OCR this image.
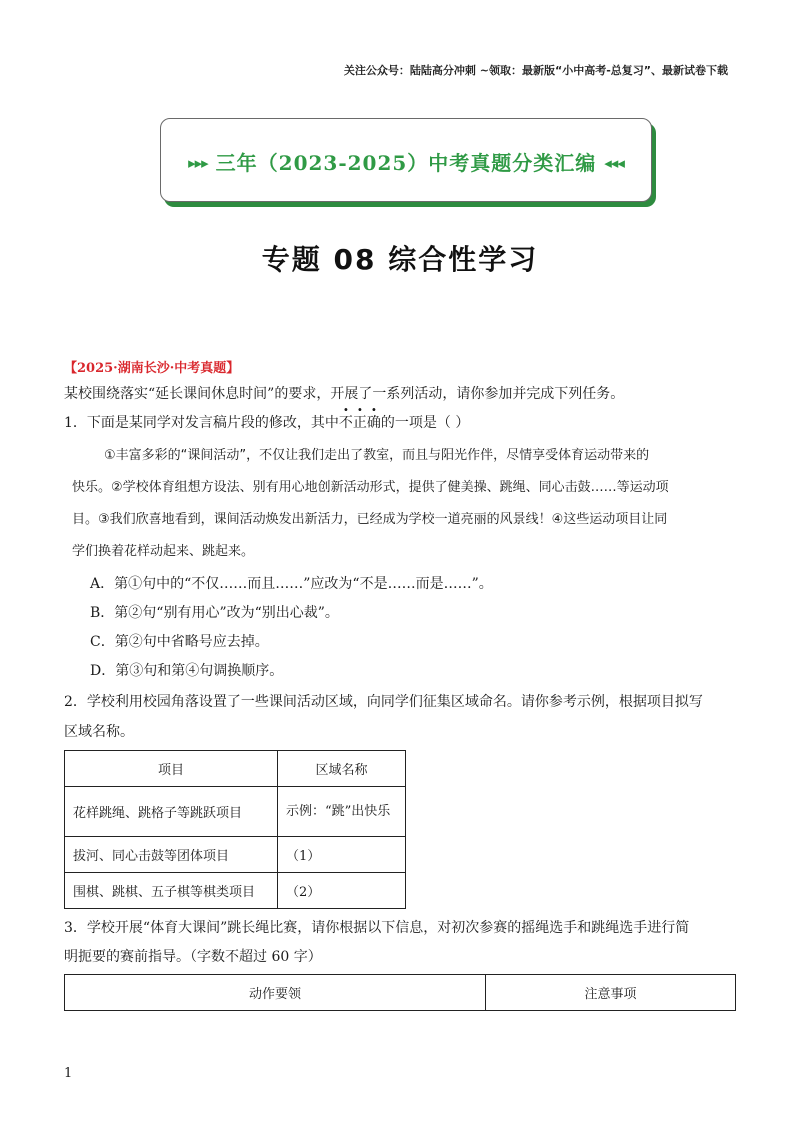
关注公众号：陆陆高分冲刺 ~领取：最新版“小中高考-总复习”、最新试卷下载
▸▸▸ 三年（2023-2025）中考真题分类汇编 ◂◂◂
专题 08 综合性学习
【2025·湖南长沙·中考真题】
某校围绕落实“延长课间休息时间”的要求，开展了一系列活动，请你参加并完成下列任务。
1．下面是某同学对发言稿片段的修改，其中不正确的一项是（ ）
①丰富多彩的“课间活动”，不仅让我们走出了教室，而且与阳光作伴，尽情享受体育运动带来的
快乐。②学校体育组想方设法、别有用心地创新活动形式，提供了健美操、跳绳、同心击鼓……等运动项
目。③我们欣喜地看到，课间活动焕发出新活力，已经成为学校一道亮丽的风景线！④这些运动项目让同
学们换着花样动起来、跳起来。
A．第①句中的“不仅……而且……”应改为“不是……而是……”。
B．第②句“别有用心”改为“别出心裁”。
C．第②句中省略号应去掉。
D．第③句和第④句调换顺序。
2．学校利用校园角落设置了一些课间活动区域，向同学们征集区域命名。请你参考示例，根据项目拟写
区域名称。
项目	区域名称
花样跳绳、跳格子等跳跃项目	示例：“跳”出快乐
拔河、同心击鼓等团体项目	（1）
围棋、跳棋、五子棋等棋类项目	（2）
3．学校开展“体育大课间”跳长绳比赛，请你根据以下信息，对初次参赛的摇绳选手和跳绳选手进行简
明扼要的赛前指导。（字数不超过 60 字）
动作要领	注意事项
1
